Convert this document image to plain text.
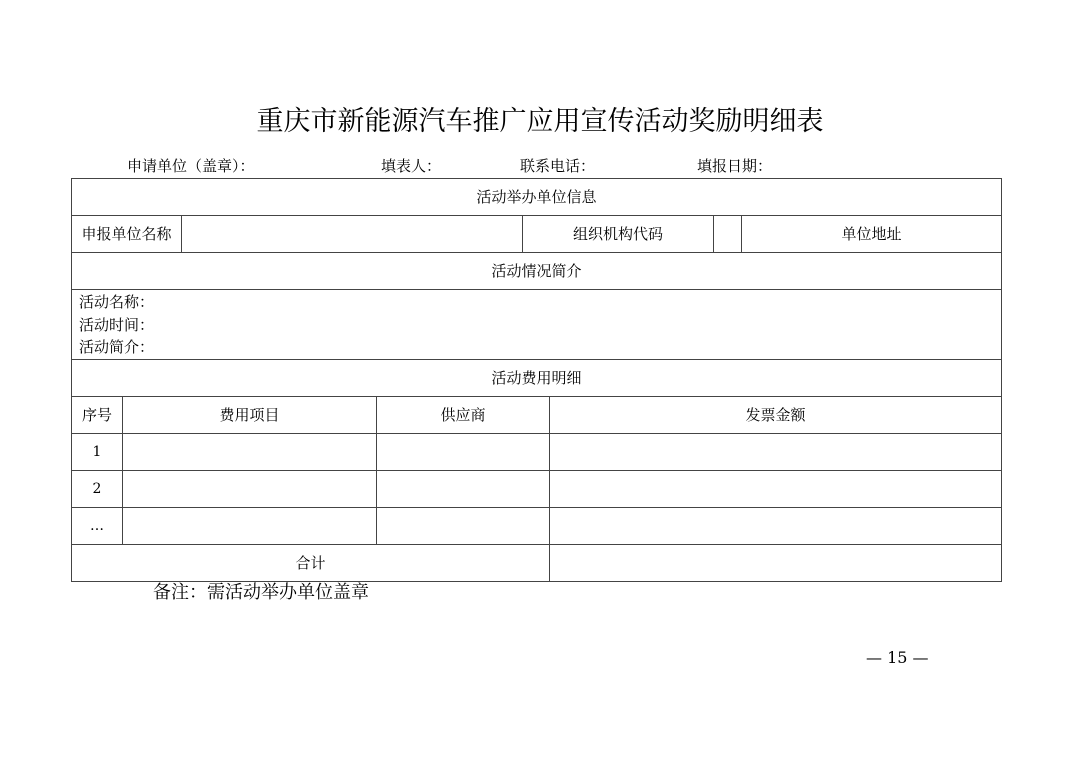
重庆市新能源汽车推广应用宣传活动奖励明细表
申请单位（盖章）：	填表人：	联系电话：	填报日期：
活动举办单位信息								
申报单位名称				组织机构代码			单位地址	
活动情况简介								

活动名称：
活动时间：
活动简介：								

活动费用明细								
序号	费用项目		供应商		发票金额			
1								
2								
…								
合计								
备注：需活动举办单位盖章
— 15 —
